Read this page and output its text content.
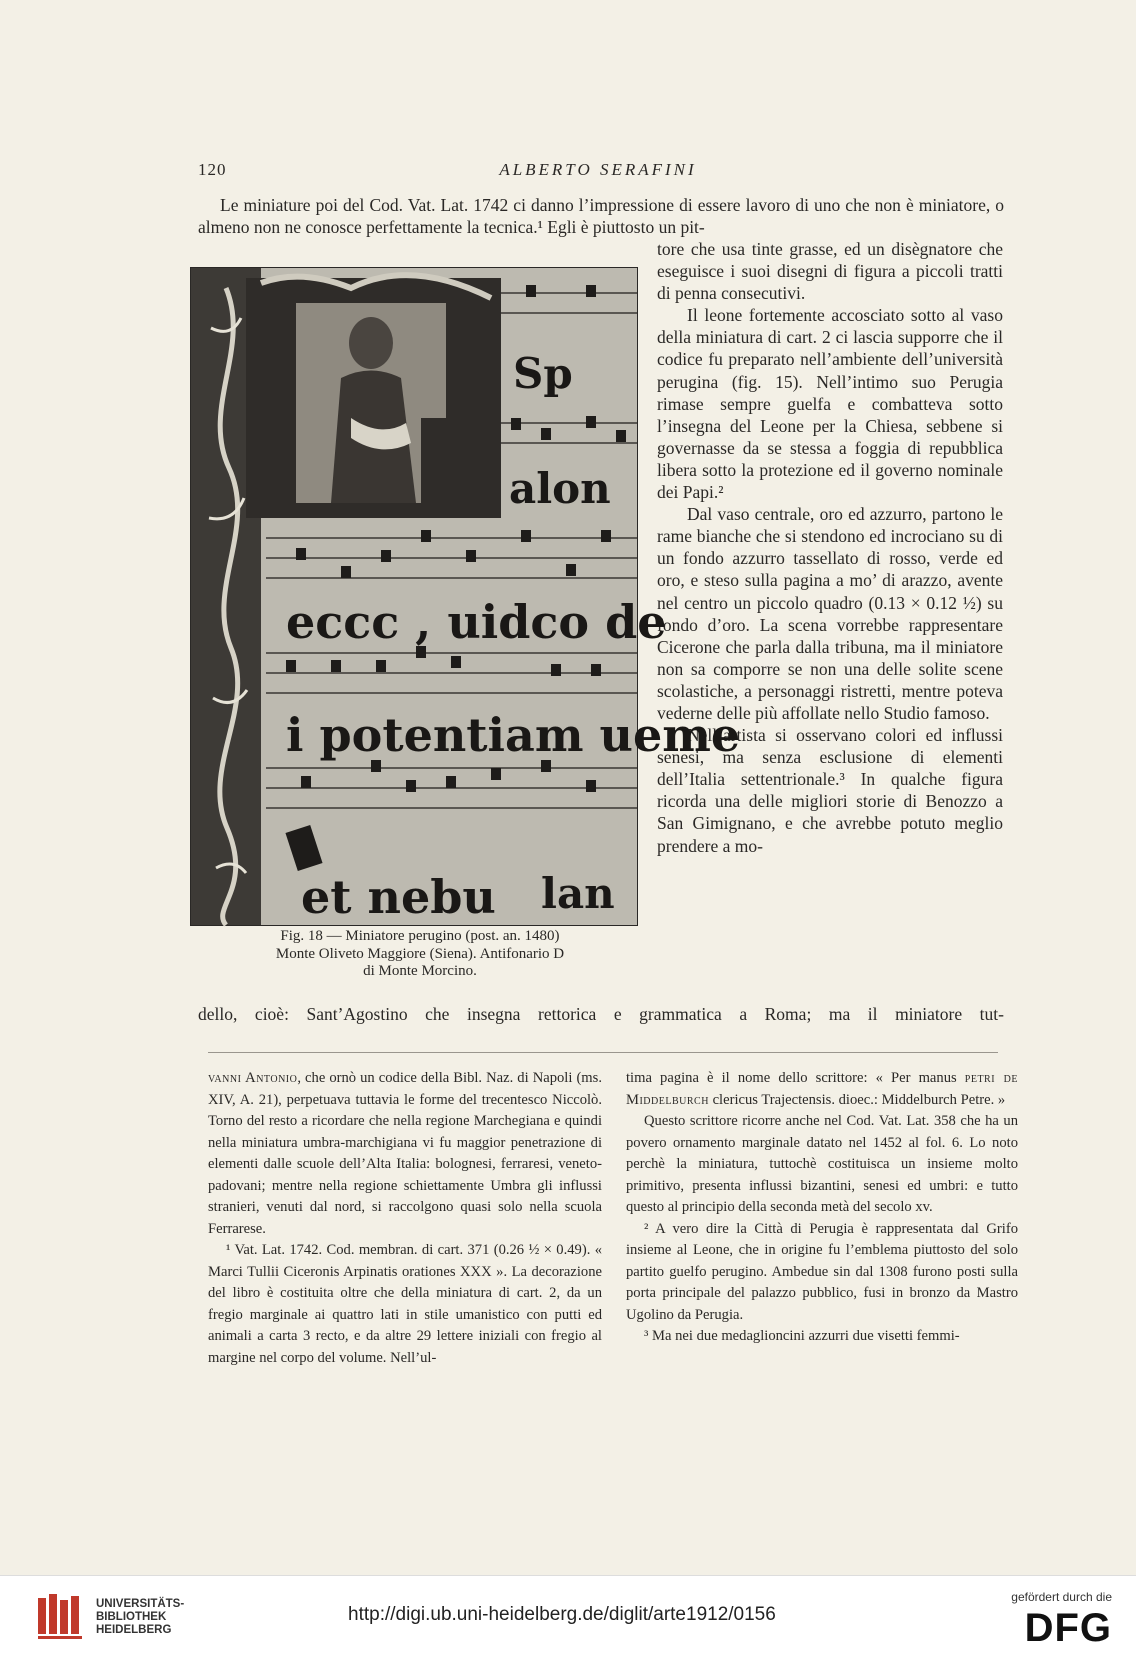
120	ALBERTO SERAFINI
Le miniature poi del Cod. Vat. Lat. 1742 ci danno l’impressione di essere lavoro di uno che non è miniatore, o almeno non ne conosce perfettamente la tecnica.¹ Egli è piuttosto un pit-

tore che usa tinte grasse, ed un disègnatore che eseguisce i suoi disegni di figura a piccoli tratti di penna consecutivi.

Il leone fortemente accosciato sotto al vaso della miniatura di cart. 2 ci lascia supporre che il codice fu preparato nell’ambiente dell’università perugina (fig. 15). Nell’intimo suo Perugia rimase sempre guelfa e combatteva sotto l’insegna del Leone per la Chiesa, sebbene si governasse da se stessa a foggia di repubblica libera sotto la protezione ed il governo nominale dei Papi.²

Dal vaso centrale, oro ed azzurro, partono le rame bianche che si stendono ed incrociano su di un fondo azzurro tassellato di rosso, verde ed oro, e steso sulla pagina a mo’ di arazzo, avente nel centro un piccolo quadro (0.13 × 0.12 ½) su fondo d’oro. La scena vorrebbe rappresentare Cicerone che parla dalla tribuna, ma il miniatore non sa comporre se non una delle solite scene scolastiche, a personaggi ristretti, mentre poteva vederne delle più affollate nello Studio famoso.

Nell’artista si osservano colori ed influssi senesi, ma senza esclusione di elementi dell’Italia settentrionale.³ In qualche figura ricorda una delle migliori storie di Benozzo a San Gimignano, e che avrebbe potuto meglio prendere a mo-

eccc , uidco de
i potentiam ueme
et nebu
alon
Sp
lan
Fig. 18 — Miniatore perugino (post. an. 1480)
Monte Oliveto Maggiore (Siena). Antifonario D
di Monte Morcino.
dello, cioè: Sant’Agostino che insegna rettorica e grammatica a Roma; ma il miniatore tut-

vanni Antonio, che ornò un codice della Bibl. Naz. di Napoli (ms. XIV, A. 21), perpetuava tuttavia le forme del trecentesco Niccolò. Torno del resto a ricordare che nella regione Marchegiana e quindi nella miniatura umbra-marchigiana vi fu maggior penetrazione di elementi dalle scuole dell’Alta Italia: bolognesi, ferraresi, veneto-padovani; mentre nella regione schiettamente Umbra gli influssi stranieri, venuti dal nord, si raccolgono quasi solo nella scuola Ferrarese.

¹ Vat. Lat. 1742. Cod. membran. di cart. 371 (0.26 ½ × 0.49). « Marci Tullii Ciceronis Arpinatis orationes XXX ». La decorazione del libro è costituita oltre che della miniatura di cart. 2, da un fregio marginale ai quattro lati in stile umanistico con putti ed animali a carta 3 recto, e da altre 29 lettere iniziali con fregio al margine nel corpo del volume. Nell’ul-

tima pagina è il nome dello scrittore: « Per manus petri de Middelburch clericus Trajectensis. dioec.: Middelburch Petre. »

Questo scrittore ricorre anche nel Cod. Vat. Lat. 358 che ha un povero ornamento marginale datato nel 1452 al fol. 6. Lo noto perchè la miniatura, tuttochè costituisca un insieme molto primitivo, presenta influssi bizantini, senesi ed umbri: e tutto questo al principio della seconda metà del secolo xv.

² A vero dire la Città di Perugia è rappresentata dal Grifo insieme al Leone, che in origine fu l’emblema piuttosto del solo partito guelfo perugino. Ambedue sin dal 1308 furono posti sulla porta principale del palazzo pubblico, fusi in bronzo da Mastro Ugolino da Perugia.

³ Ma nei due medaglioncini azzurri due visetti femmi-

UNIVERSITÄTS-
BIBLIOTHEK
HEIDELBERG
http://digi.ub.uni-heidelberg.de/diglit/arte1912/0156
gefördert durch die
DFG
